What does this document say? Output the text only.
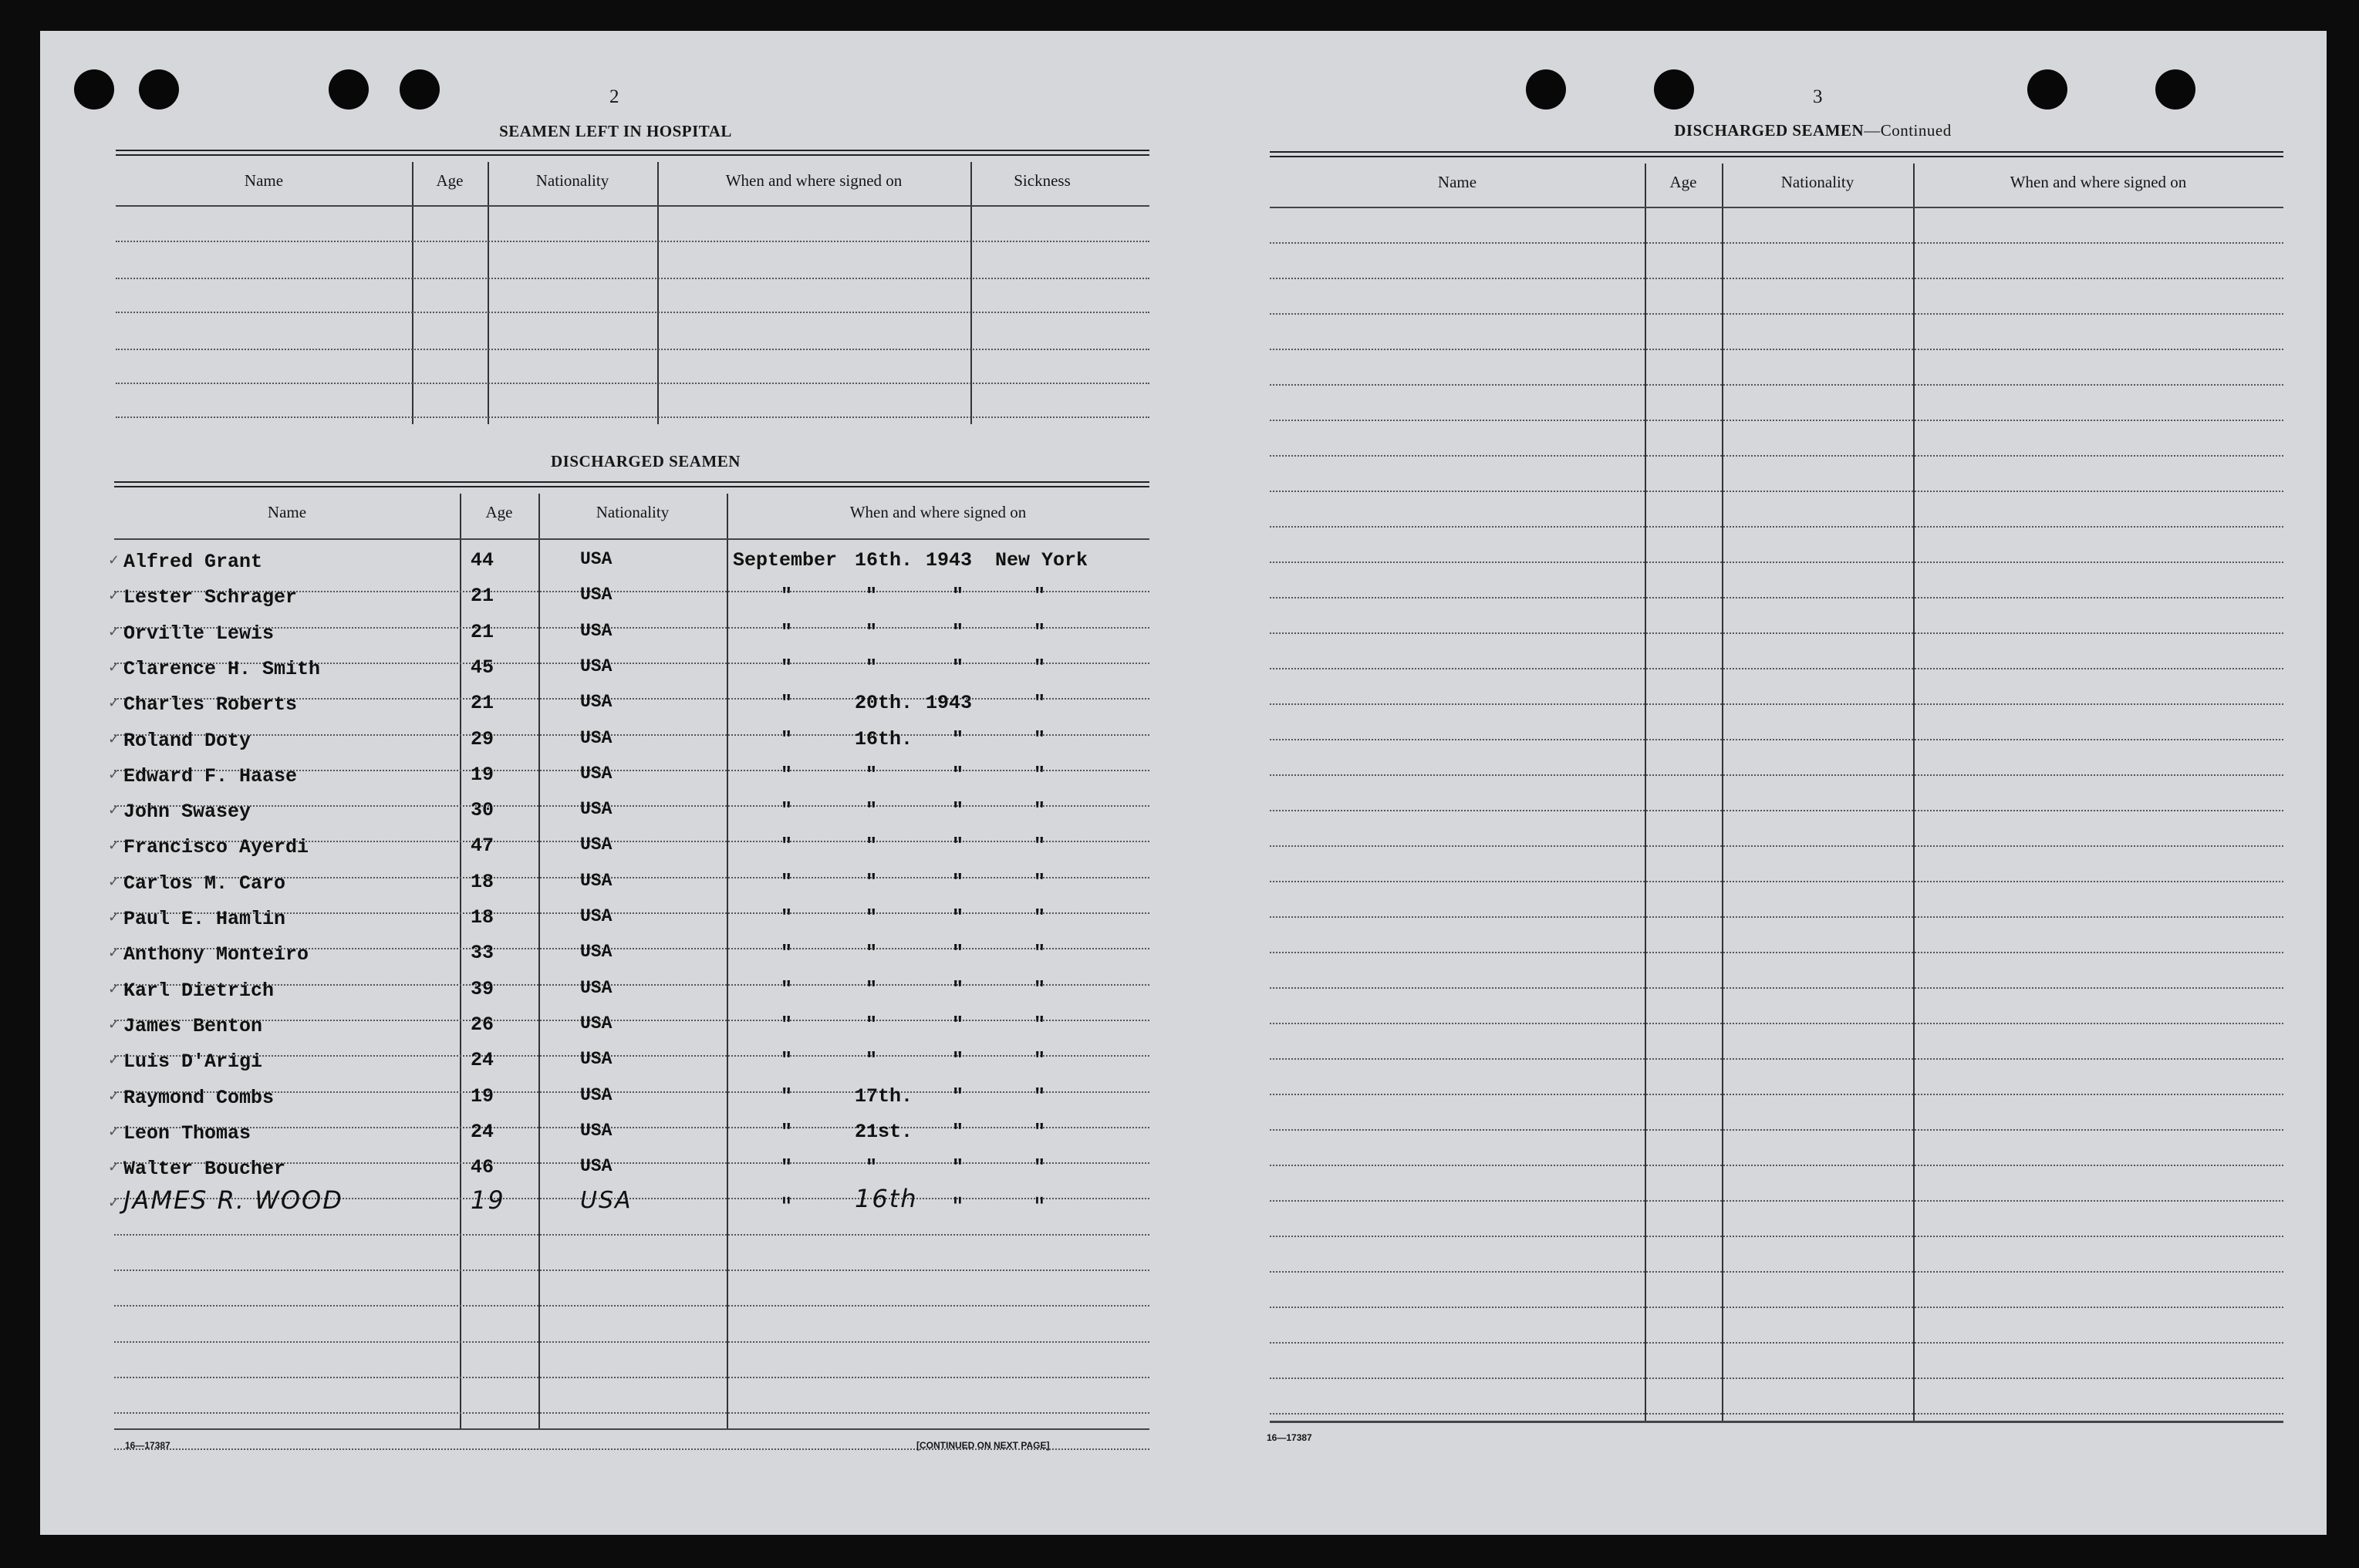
2
SEAMEN LEFT IN HOSPITAL
Name	Age	Nationality	When and where signed on	Sickness
DISCHARGED SEAMEN
Name	Age	Nationality	When and where signed on
✓ Alfred Grant	44	USA	September 16th. 1943 New York
✓ Lester Schrager	21	USA	"	"	"	"
✓ Orville Lewis	21	USA	"	"	"	"
✓ Clarence H. Smith	45	USA	"	"	"	"
✓ Charles Roberts	21	USA	"	20th. 1943	"
✓ Roland Doty	29	USA	"	16th. "	"
✓ Edward F. Haase	19	USA	"	"	"	"
✓ John Swasey	30	USA	"	"	"	"
✓ Francisco Ayerdi	47	USA	"	"	"	"
✓ Carlos M. Caro	18	USA	"	"	"	"
✓ Paul E. Hamlin	18	USA	"	"	"	"
✓ Anthony Monteiro	33	USA	"	"	"	"
✓ Karl Dietrich	39	USA	"	"	"	"
✓ James Benton	26	USA	"	"	"	"
✓ Luis D'Arigi	24	USA	"	"	"	"
✓ Raymond Combs	19	USA	"	17th. "	"
✓ Leon Thomas	24	USA	"	21st. "	"
✓ Walter Boucher	46	USA	"	"	"	"
✓ JAMES R. WOOD	19	USA	" 16th "	"
16—17387	[CONTINUED ON NEXT PAGE]
3
DISCHARGED SEAMEN—Continued
Name	Age	Nationality	When and where signed on
16—17387
